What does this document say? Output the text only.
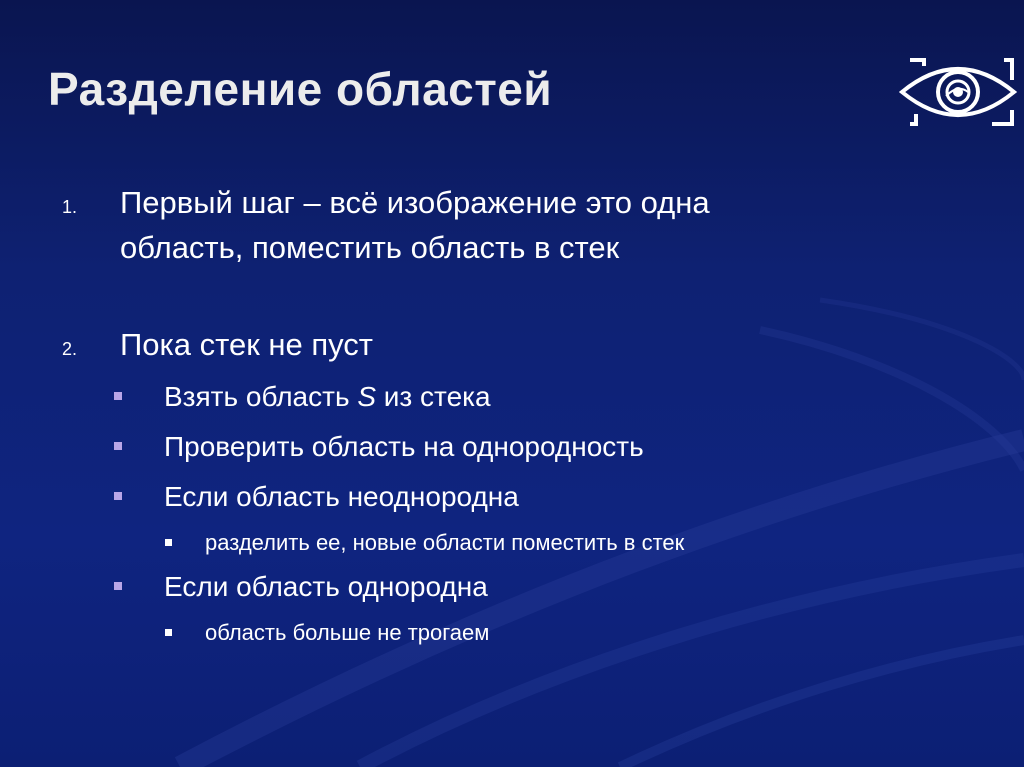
Разделение областей
1. Первый шаг – всё изображение это одна
область, поместить область в стек
2. Пока стек не пуст
Взять область S из стека
Проверить область на однородность
Если область неоднородна
разделить ее, новые области поместить в стек
Если область однородна
область больше не трогаем
